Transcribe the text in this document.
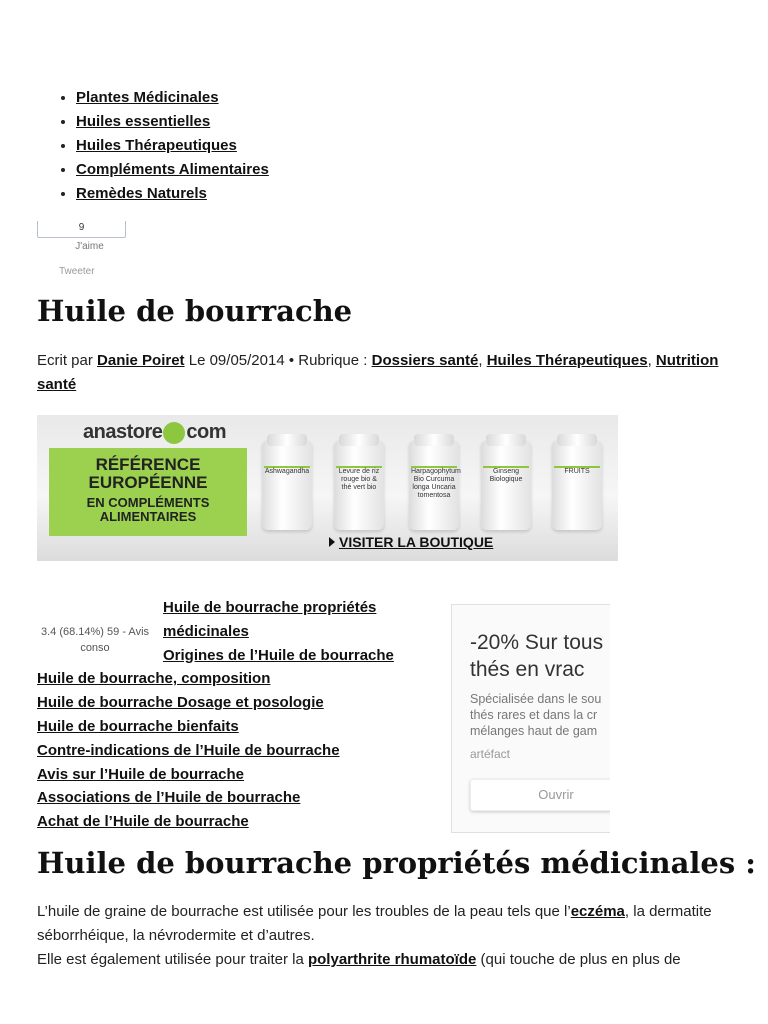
• Plantes Médicinales
• Huiles essentielles
• Huiles Thérapeutiques
• Compléments Alimentaires
• Remèdes Naturels
9
J'aime
Tweeter
Huile de bourrache
Ecrit par Danie Poiret Le 09/05/2014 • Rubrique : Dossiers santé, Huiles Thérapeutiques, Nutrition santé
anastore com
RÉFÉRENCE
EUROPÉENNE
EN COMPLÉMENTS
ALIMENTAIRES
Ashwagandha	Levure de riz rouge bio & thé vert bio
Harpagophytum Bio Curcuma longa Uncaria tomentosa
Ginseng Biologique
FRUITS
VISITER LA BOUTIQUE
3.4 (68.14%) 59 - Avis conso
Huile de bourrache propriétés médicinales
Origines de l’Huile de bourrache
Huile de bourrache, composition
Huile de bourrache Dosage et posologie
Huile de bourrache bienfaits
Contre-indications de l’Huile de bourrache
Avis sur l’Huile de bourrache
Associations de l’Huile de bourrache
Achat de l’Huile de bourrache
-20% Sur tous
thés en vrac
Spécialisée dans le sou
thés rares et dans la cr
mélanges haut de gam
artéfact
Ouvrir
Huile de bourrache propriétés médicinales :

L’huile de graine de bourrache est utilisée pour les troubles de la peau tels que l’eczéma, la dermatite séborrhéique, la névrodermite et d’autres.
Elle est également utilisée pour traiter la polyarthrite rhumatoïde (qui touche de plus en plus de
